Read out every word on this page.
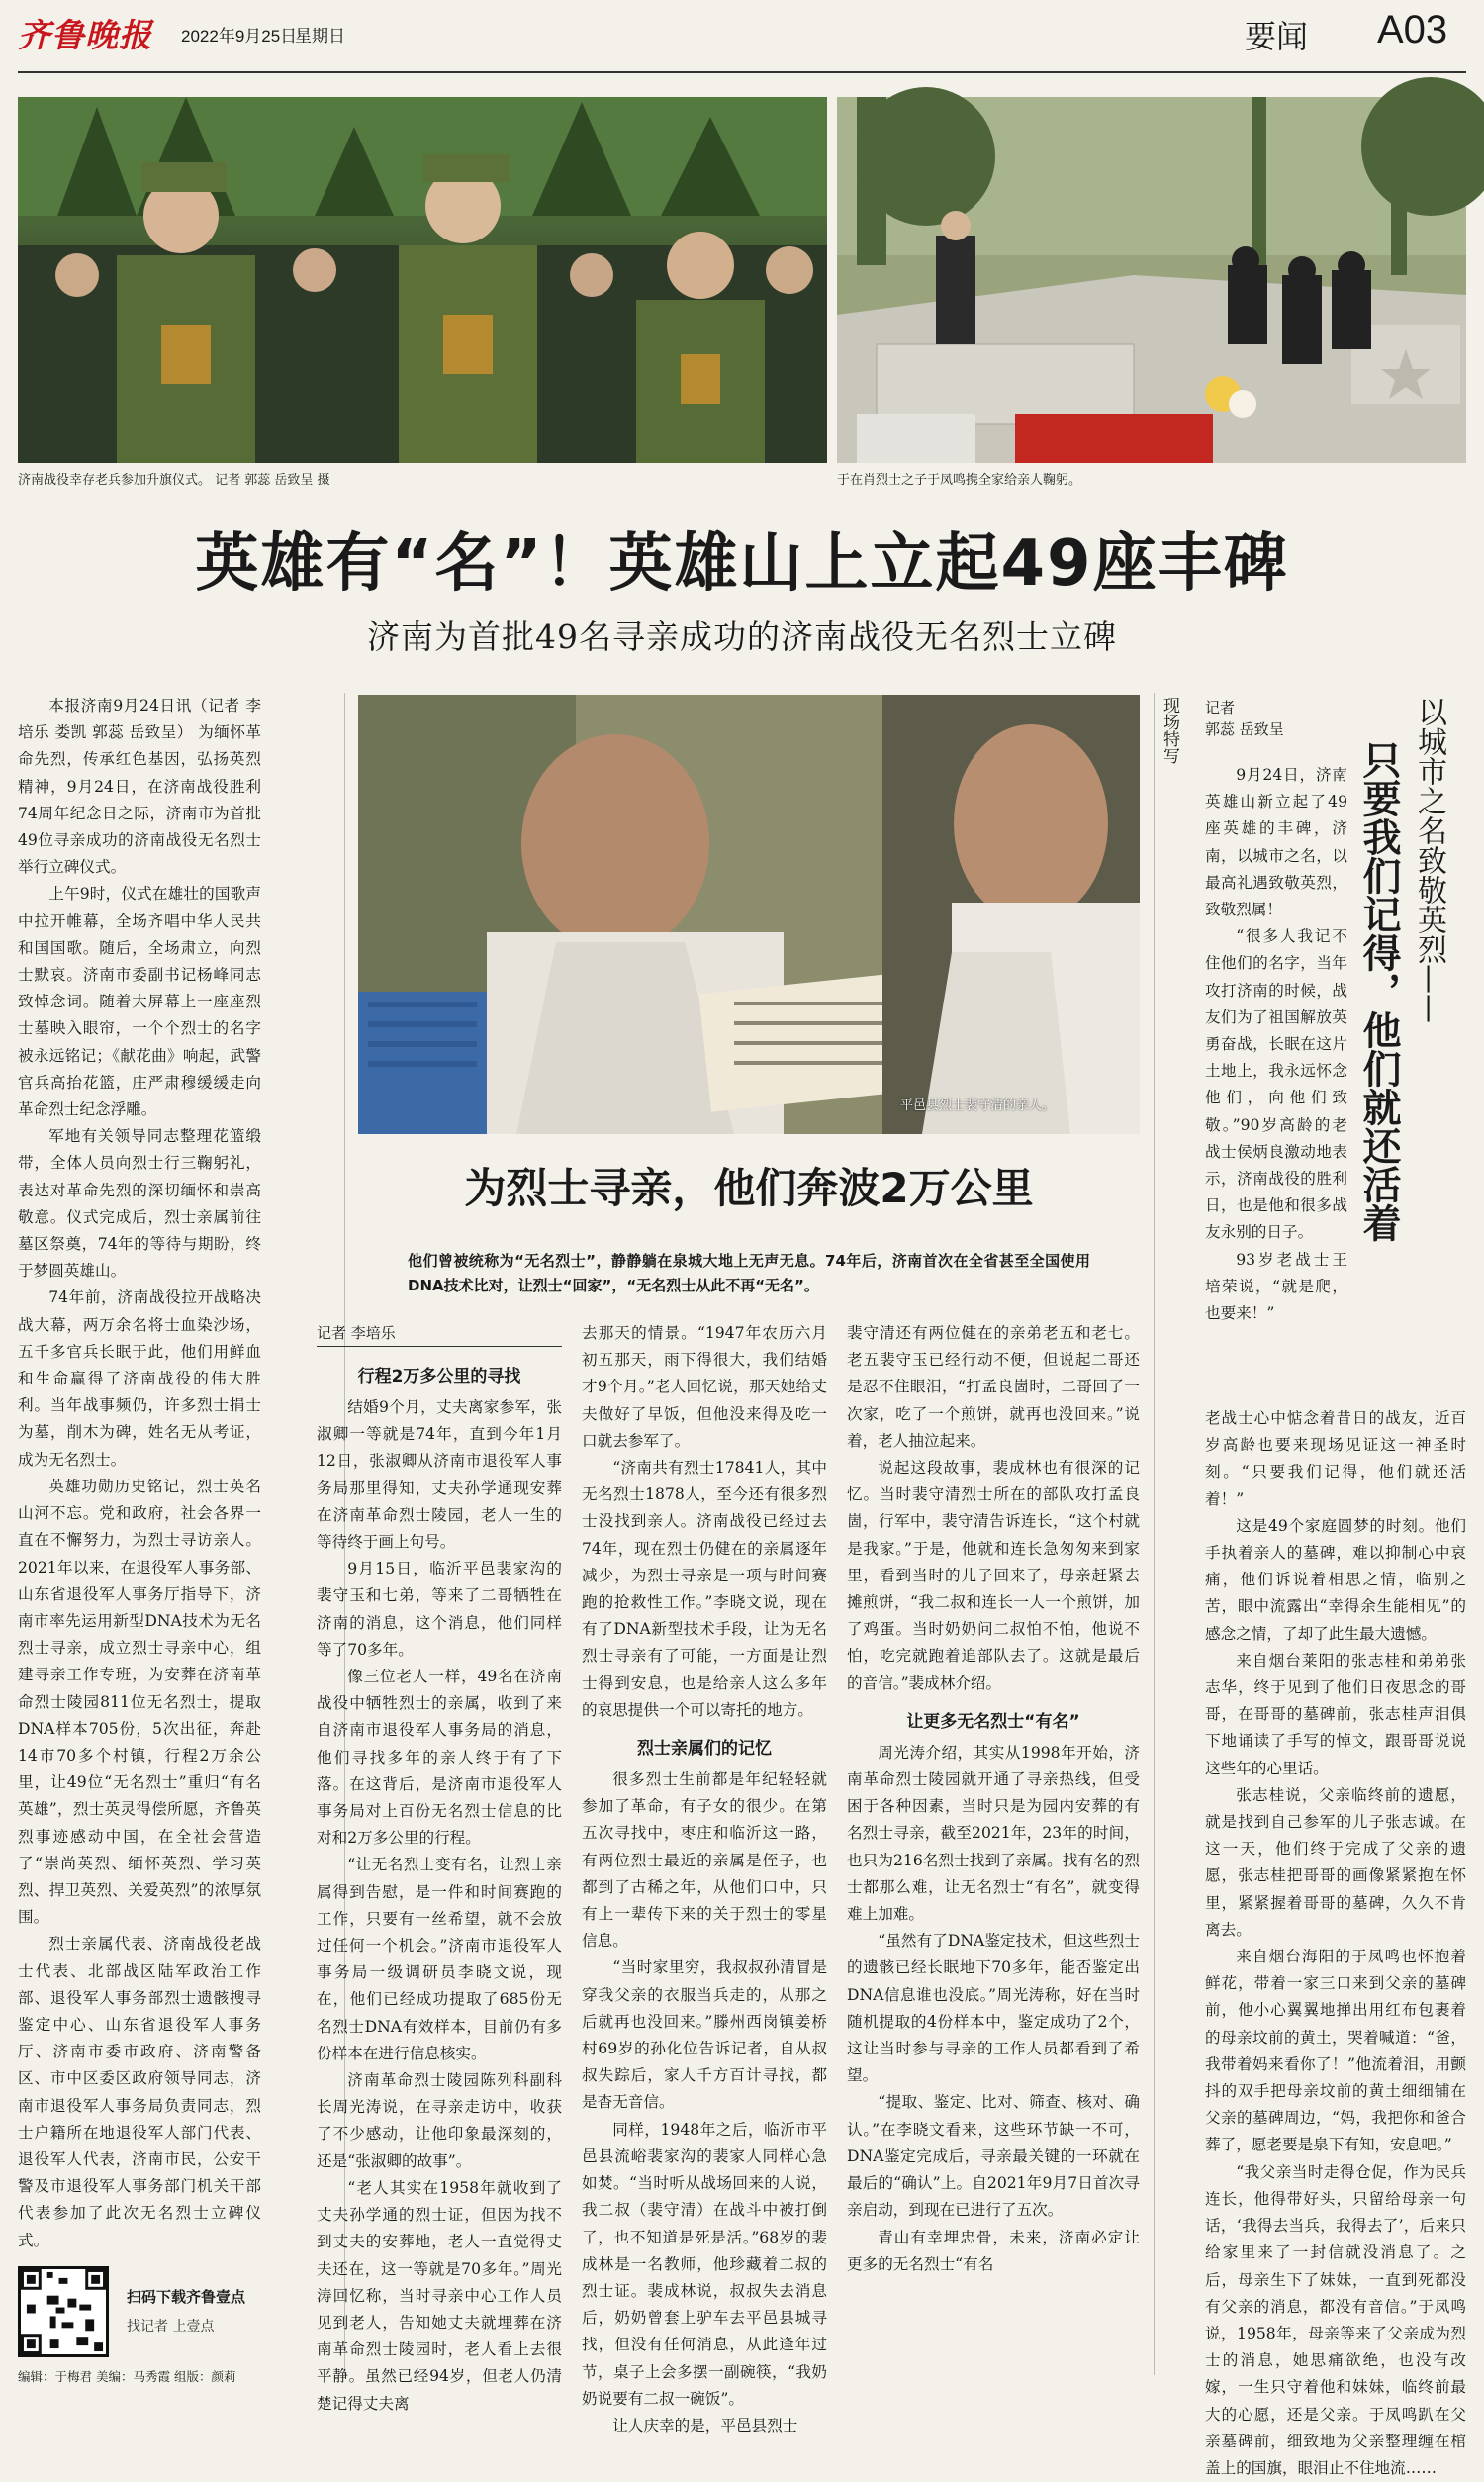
齐鲁晚报 2022年9月25日
星期日	要闻 A03
济南战役幸存老兵参加升旗仪式。 记者 郭蕊 岳致呈 摄	于在肖烈士之子于凤鸣携全家给亲人鞠躬。
英雄有“名”！英雄山上立起49座丰碑
济南为首批49名寻亲成功的济南战役无名烈士立碑

本报济南9月24日讯（记者 李培乐 娄凯 郭蕊 岳致呈） 为缅怀革命先烈，传承红色基因，弘扬英烈精神，9月24日，在济南战役胜利74周年纪念日之际，济南市为首批49位寻亲成功的济南战役无名烈士举行立碑仪式。

上午9时，仪式在雄壮的国歌声中拉开帷幕，全场齐唱中华人民共和国国歌。随后，全场肃立，向烈士默哀。济南市委副书记杨峰同志致悼念词。随着大屏幕上一座座烈士墓映入眼帘，一个个烈士的名字被永远铭记；《献花曲》响起，武警官兵高抬花篮，庄严肃穆缓缓走向革命烈士纪念浮雕。

军地有关领导同志整理花篮缎带，全体人员向烈士行三鞠躬礼，表达对革命先烈的深切缅怀和崇高敬意。仪式完成后，烈士亲属前往墓区祭奠，74年的等待与期盼，终于梦圆英雄山。

74年前，济南战役拉开战略决战大幕，两万余名将士血染沙场，五千多官兵长眠于此，他们用鲜血和生命赢得了济南战役的伟大胜利。当年战事频仍，许多烈士捐士为墓，削木为碑，姓名无从考证，成为无名烈士。

英雄功勋历史铭记，烈士英名山河不忘。党和政府，社会各界一直在不懈努力，为烈士寻访亲人。2021年以来，在退役军人事务部、山东省退役军人事务厅指导下，济南市率先运用新型DNA技术为无名烈士寻亲，成立烈士寻亲中心，组建寻亲工作专班，为安葬在济南革命烈士陵园811位无名烈士，提取DNA样本705份，5次出征，奔赴14市70多个村镇，行程2万余公里，让49位“无名烈士”重归“有名英雄”，烈士英灵得偿所愿，齐鲁英烈事迹感动中国，在全社会营造了“崇尚英烈、缅怀英烈、学习英烈、捍卫英烈、关爱英烈”的浓厚氛围。

烈士亲属代表、济南战役老战士代表、北部战区陆军政治工作部、退役军人事务部烈士遗骸搜寻鉴定中心、山东省退役军人事务厅、济南市委市政府、济南警备区、市中区委区政府领导同志，济南市退役军人事务局负责同志，烈士户籍所在地退役军人部门代表、退役军人代表，济南市民，公安干警及市退役军人事务部门机关干部代表参加了此次无名烈士立碑仪式。

扫码下载齐鲁壹点
找记者 上壹点
编辑：于梅君 美编：马秀霞 组版：颜莉
平邑县烈士裴守清的亲人。
为烈士寻亲，他们奔波2万公里
他们曾被统称为“无名烈士”，静静躺在泉城大地上无声无息。74年后，济南首次在全省甚至全国使用DNA技术比对，让烈士“回家”，“无名烈士从此不再“无名”。
记者 李培乐
行程2万多公里的寻找

结婚9个月，丈夫离家参军，张淑卿一等就是74年，直到今年1月12日，张淑卿从济南市退役军人事务局那里得知，丈夫孙学通现安葬在济南革命烈士陵园，老人一生的等待终于画上句号。

9月15日，临沂平邑裴家沟的裴守玉和七弟，等来了二哥牺牲在济南的消息，这个消息，他们同样等了70多年。

像三位老人一样，49名在济南战役中牺牲烈士的亲属，收到了来自济南市退役军人事务局的消息，他们寻找多年的亲人终于有了下落。在这背后，是济南市退役军人事务局对上百份无名烈士信息的比对和2万多公里的行程。

“让无名烈士变有名，让烈士亲属得到告慰，是一件和时间赛跑的工作，只要有一丝希望，就不会放过任何一个机会。”济南市退役军人事务局一级调研员李晓文说，现在，他们已经成功提取了685份无名烈士DNA有效样本，目前仍有多份样本在进行信息核实。

济南革命烈士陵园陈列科副科长周光涛说，在寻亲走访中，收获了不少感动，让他印象最深刻的，还是“张淑卿的故事”。

“老人其实在1958年就收到了丈夫孙学通的烈士证，但因为找不到丈夫的安葬地，老人一直觉得丈夫还在，这一等就是70多年。”周光涛回忆称，当时寻亲中心工作人员见到老人，告知她丈夫就埋葬在济南革命烈士陵园时，老人看上去很平静。虽然已经94岁，但老人仍清楚记得丈夫离

去那天的情景。“1947年农历六月初五那天，雨下得很大，我们结婚才9个月。”老人回忆说，那天她给丈夫做好了早饭，但他没来得及吃一口就去参军了。

“济南共有烈士17841人，其中无名烈士1878人，至今还有很多烈士没找到亲人。济南战役已经过去74年，现在烈士仍健在的亲属逐年减少，为烈士寻亲是一项与时间赛跑的抢救性工作。”李晓文说，现在有了DNA新型技术手段，让为无名烈士寻亲有了可能，一方面是让烈士得到安息，也是给亲人这么多年的哀思提供一个可以寄托的地方。

烈士亲属们的记忆

很多烈士生前都是年纪轻轻就参加了革命，有子女的很少。在第五次寻找中，枣庄和临沂这一路，有两位烈士最近的亲属是侄子，也都到了古稀之年，从他们口中，只有上一辈传下来的关于烈士的零星信息。

“当时家里穷，我叔叔孙清冒是穿我父亲的衣服当兵走的，从那之后就再也没回来。”滕州西岗镇姜桥村69岁的孙化位告诉记者，自从叔叔失踪后，家人千方百计寻找，都是杳无音信。

同样，1948年之后，临沂市平邑县流峪裴家沟的裴家人同样心急如焚。“当时听从战场回来的人说，我二叔（裴守清）在战斗中被打倒了，也不知道是死是活。”68岁的裴成林是一名教师，他珍藏着二叔的烈士证。裴成林说，叔叔失去消息后，奶奶曾套上驴车去平邑县城寻找，但没有任何消息，从此逢年过节，桌子上会多摆一副碗筷，“我奶奶说要有二叔一碗饭”。

让人庆幸的是，平邑县烈士

裴守清还有两位健在的亲弟老五和老七。老五裴守玉已经行动不便，但说起二哥还是忍不住眼泪，“打孟良崮时，二哥回了一次家，吃了一个煎饼，就再也没回来。”说着，老人抽泣起来。

说起这段故事，裴成林也有很深的记忆。当时裴守清烈士所在的部队攻打孟良崮，行军中，裴守清告诉连长，“这个村就是我家。”于是，他就和连长急匆匆来到家里，看到当时的儿子回来了，母亲赶紧去摊煎饼，“我二叔和连长一人一个煎饼，加了鸡蛋。当时奶奶问二叔怕不怕，他说不怕，吃完就跑着追部队去了。这就是最后的音信。”裴成林介绍。

让更多无名烈士“有名”

周光涛介绍，其实从1998年开始，济南革命烈士陵园就开通了寻亲热线，但受困于各种因素，当时只是为园内安葬的有名烈士寻亲，截至2021年，23年的时间，也只为216名烈士找到了亲属。找有名的烈士都那么难，让无名烈士“有名”，就变得难上加难。

“虽然有了DNA鉴定技术，但这些烈士的遗骸已经长眠地下70多年，能否鉴定出DNA信息谁也没底。”周光涛称，好在当时随机提取的4份样本中，鉴定成功了2个，这让当时参与寻亲的工作人员都看到了希望。

“提取、鉴定、比对、筛查、核对、确认。”在李晓文看来，这些环节缺一不可，DNA鉴定完成后，寻亲最关键的一环就在最后的“确认”上。自2021年9月7日首次寻亲启动，到现在已进行了五次。

青山有幸埋忠骨，未来，济南必定让更多的无名烈士“有名

现场特写 记者
郭蕊 岳致呈	以城市之名致敬英烈——
只要我们记得，他们就还活着

9月24日，济南英雄山新立起了49座英雄的丰碑，济南，以城市之名，以最高礼遇致敬英烈，致敬烈属！

“很多人我记不住他们的名字，当年攻打济南的时候，战友们为了祖国解放英勇奋战，长眠在这片土地上，我永远怀念他们，向他们致敬。”90岁高龄的老战士侯炳良激动地表示，济南战役的胜利日，也是他和很多战友永别的日子。

93岁老战士王培荣说，“就是爬，也要来！”

老战士心中惦念着昔日的战友，近百岁高龄也要来现场见证这一神圣时刻。“只要我们记得，他们就还活着！”

这是49个家庭圆梦的时刻。他们手执着亲人的墓碑，难以抑制心中哀痛，他们诉说着相思之情，临别之苦，眼中流露出“幸得余生能相见”的感念之情，了却了此生最大遗憾。

来自烟台莱阳的张志桂和弟弟张志华，终于见到了他们日夜思念的哥哥，在哥哥的墓碑前，张志桂声泪俱下地诵读了手写的悼文，跟哥哥说说这些年的心里话。

张志桂说，父亲临终前的遗愿，就是找到自己参军的儿子张志诚。在这一天，他们终于完成了父亲的遗愿，张志桂把哥哥的画像紧紧抱在怀里，紧紧握着哥哥的墓碑，久久不肯离去。

来自烟台海阳的于凤鸣也怀抱着鲜花，带着一家三口来到父亲的墓碑前，他小心翼翼地掸出用红布包裹着的母亲坟前的黄土，哭着喊道：“爸，我带着妈来看你了！”他流着泪，用颤抖的双手把母亲坟前的黄土细细铺在父亲的墓碑周边，“妈，我把你和爸合葬了，愿老要是泉下有知，安息吧。”

“我父亲当时走得仓促，作为民兵连长，他得带好头，只留给母亲一句话，‘我得去当兵，我得去了’，后来只给家里来了一封信就没消息了。之后，母亲生下了妹妹，一直到死都没有父亲的消息，都没有音信。”于凤鸣说，1958年，母亲等来了父亲成为烈士的消息，她思痛欲绝，也没有改嫁，一生只守着他和妹妹，临终前最大的心愿，还是父亲。于凤鸣趴在父亲墓碑前，细致地为父亲整理缠在棺盖上的国旗，眼泪止不住地流……
